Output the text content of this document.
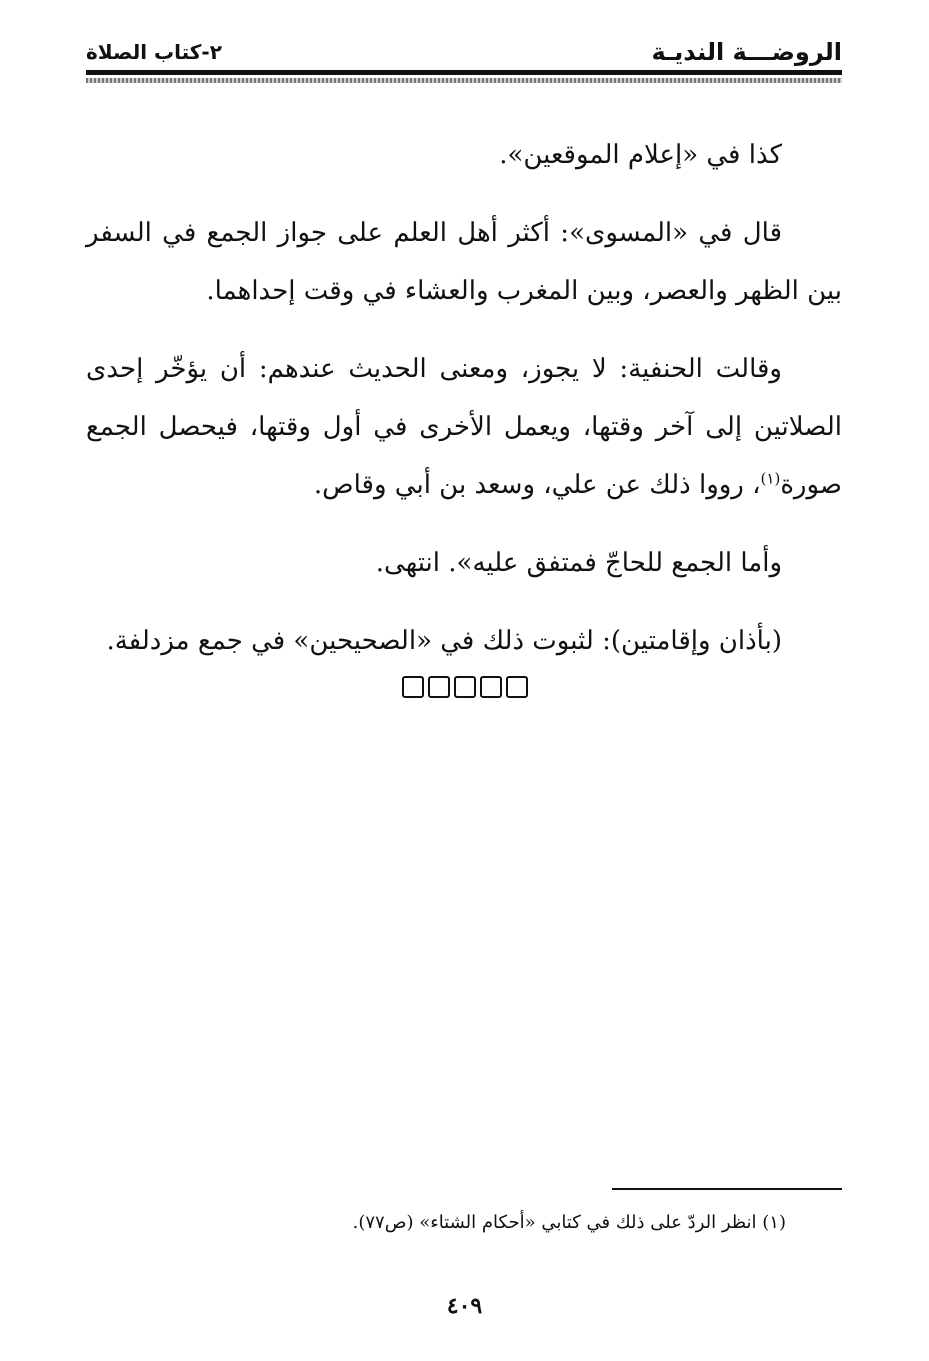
الروضـــة النديـة
٢-كتاب الصلاة

كذا في «إعلام الموقعين».

قال في «المسوى»: أكثر أهل العلم على جواز الجمع في السفر بين الظهر والعصر، وبين المغرب والعشاء في وقت إحداهما.

وقالت الحنفية: لا يجوز، ومعنى الحديث عندهم: أن يؤخّر إحدى الصلاتين إلى آخر وقتها، ويعمل الأخرى في أول وقتها، فيحصل الجمع صورة$^{(١)}$، رووا ذلك عن علي، وسعد بن أبي وقاص.

وأما الجمع للحاجّ فمتفق عليه». انتهى.

(بأذان وإقامتين): لثبوت ذلك في «الصحيحين» في جمع مزدلفة.

(١) انظر الردّ على ذلك في كتابي «أحكام الشتاء» (ص٧٧).
٤٠٩
